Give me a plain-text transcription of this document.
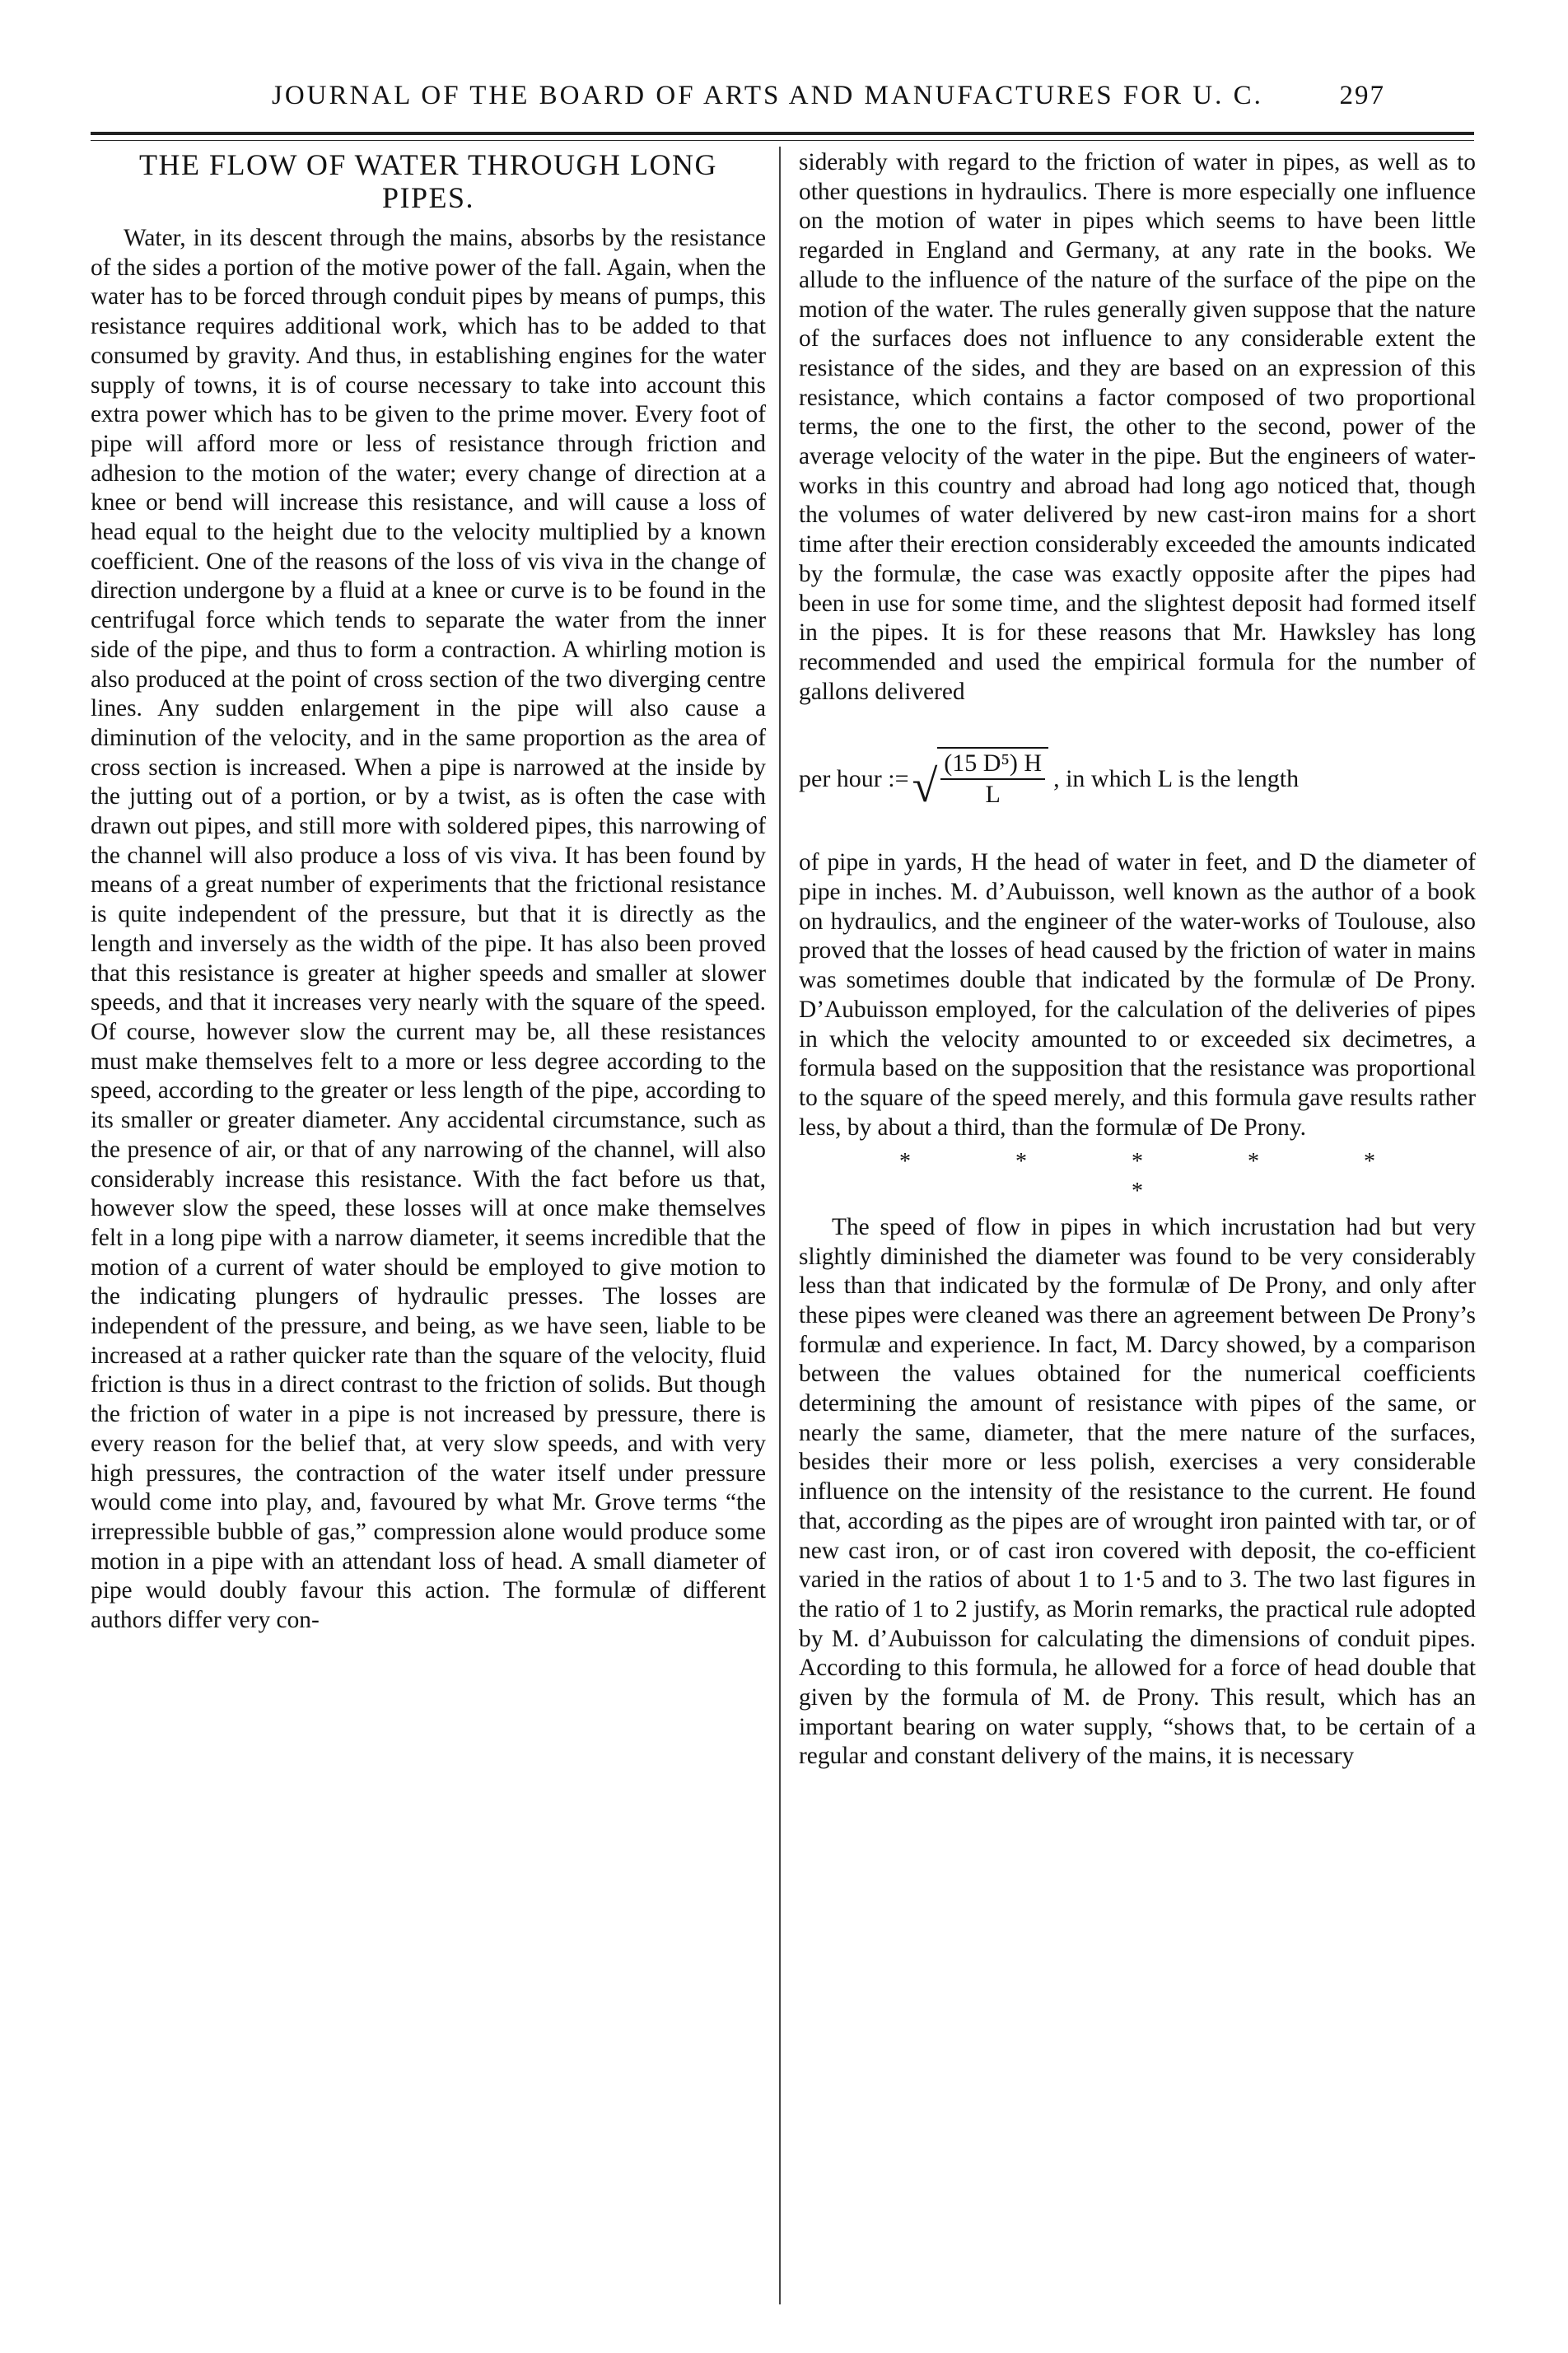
JOURNAL OF THE BOARD OF ARTS AND MANUFACTURES FOR U. C.	297
THE FLOW OF WATER THROUGH LONG PIPES.

Water, in its descent through the mains, absorbs by the resistance of the sides a portion of the motive power of the fall. Again, when the water has to be forced through conduit pipes by means of pumps, this resistance requires additional work, which has to be added to that consumed by gravity. And thus, in establishing engines for the water supply of towns, it is of course necessary to take into account this extra power which has to be given to the prime mover. Every foot of pipe will afford more or less of resistance through friction and adhesion to the motion of the water; every change of direction at a knee or bend will increase this resistance, and will cause a loss of head equal to the height due to the velocity multiplied by a known coefficient. One of the reasons of the loss of vis viva in the change of direction undergone by a fluid at a knee or curve is to be found in the centrifugal force which tends to separate the water from the inner side of the pipe, and thus to form a contraction. A whirling motion is also produced at the point of cross section of the two diverging centre lines. Any sudden enlargement in the pipe will also cause a diminution of the velocity, and in the same proportion as the area of cross section is increased. When a pipe is narrowed at the inside by the jutting out of a portion, or by a twist, as is often the case with drawn out pipes, and still more with soldered pipes, this narrowing of the channel will also produce a loss of vis viva. It has been found by means of a great number of experiments that the frictional resistance is quite independent of the pressure, but that it is directly as the length and inversely as the width of the pipe. It has also been proved that this resistance is greater at higher speeds and smaller at slower speeds, and that it increases very nearly with the square of the speed. Of course, however slow the current may be, all these resistances must make themselves felt to a more or less degree according to the speed, according to the greater or less length of the pipe, according to its smaller or greater diameter. Any accidental circumstance, such as the presence of air, or that of any narrowing of the channel, will also considerably increase this resistance. With the fact before us that, however slow the speed, these losses will at once make themselves felt in a long pipe with a narrow diameter, it seems incredible that the motion of a current of water should be employed to give motion to the indicating plungers of hydraulic presses. The losses are independent of the pressure, and being, as we have seen, liable to be increased at a rather quicker rate than the square of the velocity, fluid friction is thus in a direct contrast to the friction of solids. But though the friction of water in a pipe is not increased by pressure, there is every reason for the belief that, at very slow speeds, and with very high pressures, the contraction of the water itself under pressure would come into play, and, favoured by what Mr. Grove terms “the irrepressible bubble of gas,” compression alone would produce some motion in a pipe with an attendant loss of head. A small diameter of pipe would doubly favour this action. The formulæ of different authors differ very con-

siderably with regard to the friction of water in pipes, as well as to other questions in hydraulics. There is more especially one influence on the motion of water in pipes which seems to have been little regarded in England and Germany, at any rate in the books. We allude to the influence of the nature of the surface of the pipe on the motion of the water. The rules generally given suppose that the nature of the surfaces does not influence to any considerable extent the resistance of the sides, and they are based on an expression of this resistance, which contains a factor composed of two proportional terms, the one to the first, the other to the second, power of the average velocity of the water in the pipe. But the engineers of water-works in this country and abroad had long ago noticed that, though the volumes of water delivered by new cast-iron mains for a short time after their erection considerably exceeded the amounts indicated by the formulæ, the case was exactly opposite after the pipes had been in use for some time, and the slightest deposit had formed itself in the pipes. It is for these reasons that Mr. Hawksley has long recommended and used the empirical formula for the number of gallons delivered

per hour := √ $\frac{\text{(15 D⁵) H}}{L}$ , in which L is the length

of pipe in yards, H the head of water in feet, and D the diameter of pipe in inches. M. d’Aubuisson, well known as the author of a book on hydraulics, and the engineer of the water-works of Toulouse, also proved that the losses of head caused by the friction of water in mains was sometimes double that indicated by the formulæ of De Prony. D’Aubuisson employed, for the calculation of the deliveries of pipes in which the velocity amounted to or exceeded six decimetres, a formula based on the supposition that the resistance was proportional to the square of the speed merely, and this formula gave results rather less, by about a third, than the formulæ of De Prony.

* * * * * *

The speed of flow in pipes in which incrustation had but very slightly diminished the diameter was found to be very considerably less than that indicated by the formulæ of De Prony, and only after these pipes were cleaned was there an agreement between De Prony’s formulæ and experience. In fact, M. Darcy showed, by a comparison between the values obtained for the numerical coefficients determining the amount of resistance with pipes of the same, or nearly the same, diameter, that the mere nature of the surfaces, besides their more or less polish, exercises a very considerable influence on the intensity of the resistance to the current. He found that, according as the pipes are of wrought iron painted with tar, or of new cast iron, or of cast iron covered with deposit, the co-efficient varied in the ratios of about 1 to 1·5 and to 3. The two last figures in the ratio of 1 to 2 justify, as Morin remarks, the practical rule adopted by M. d’Aubuisson for calculating the dimensions of conduit pipes. According to this formula, he allowed for a force of head double that given by the formula of M. de Prony. This result, which has an important bearing on water supply, “shows that, to be certain of a regular and constant delivery of the mains, it is necessary
